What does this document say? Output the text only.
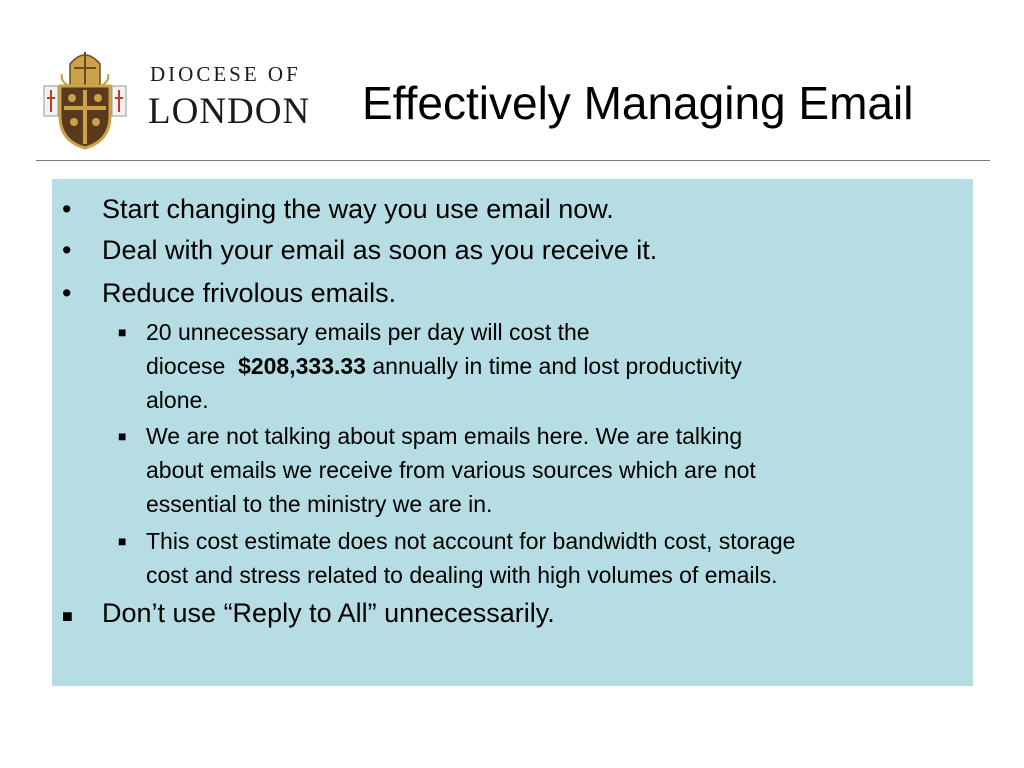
DIOCESE OF
LONDON Effectively Managing Email
• Start changing the way you use email now.
• Deal with your email as soon as you receive it.
• Reduce frivolous emails.
■ 20 unnecessary emails per day will cost the
diocese $208,333.33 annually in time and lost productivity
alone.
■ We are not talking about spam emails here. We are talking
about emails we receive from various sources which are not
essential to the ministry we are in.
■ This cost estimate does not account for bandwidth cost, storage
cost and stress related to dealing with high volumes of emails.
■ Don’t use “Reply to All” unnecessarily.
